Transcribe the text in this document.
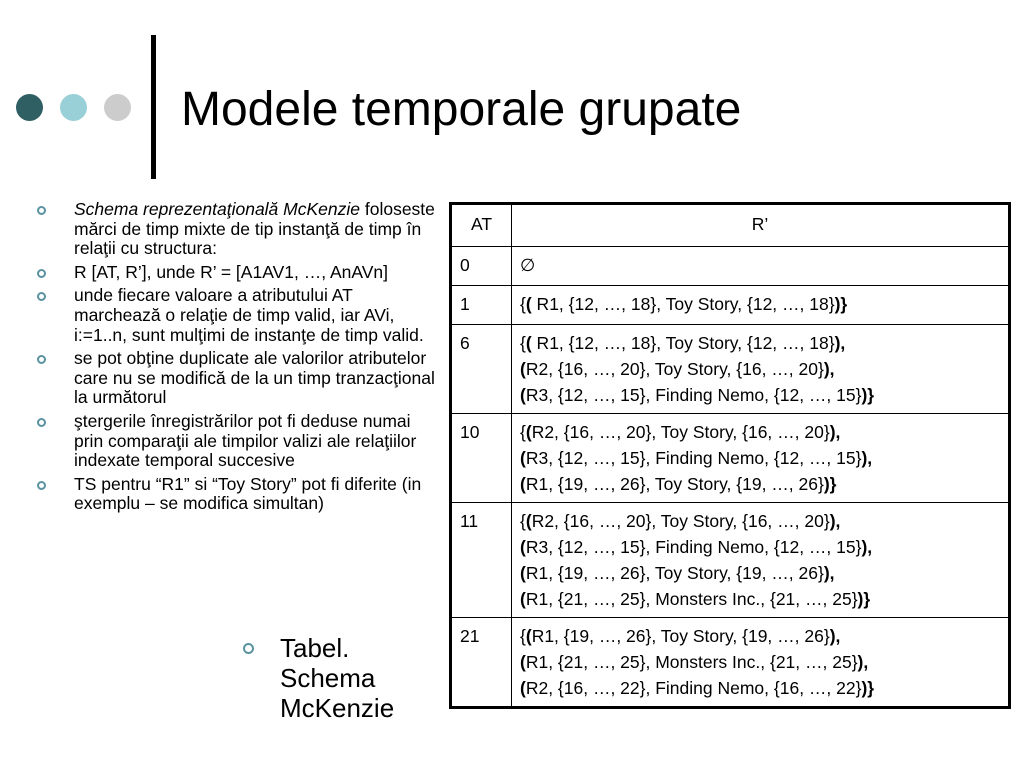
Modele temporale grupate
Schema reprezentaţională McKenzie foloseste mărci de timp mixte de tip instanţă de timp în relaţii cu structura:
R [AT, R’], unde R’ = [A1AV1, …, AnAVn]
unde fiecare valoare a atributului AT marchează o relaţie de timp valid, iar AVi, i:=1..n, sunt mulţimi de instanţe de timp valid.
se pot obţine duplicate ale valorilor atributelor care nu se modifică de la un timp tranzacţional la următorul
ştergerile înregistrărilor pot fi deduse numai prin comparaţii ale timpilor valizi ale relaţiilor indexate temporal succesive
TS pentru “R1” si “Toy Story” pot fi diferite (in exemplu – se modifica simultan)
Tabel. Schema McKenzie
AT	R’
0	∅

1	{( R1, {12, …, 18}, Toy Story, {12, …, 18})}

6	{( R1, {12, …, 18}, Toy Story, {12, …, 18}),
(R2, {16, …, 20}, Toy Story, {16, …, 20}),
(R3, {12, …, 15}, Finding Nemo, {12, …, 15})}

10	{(R2, {16, …, 20}, Toy Story, {16, …, 20}),
(R3, {12, …, 15}, Finding Nemo, {12, …, 15}),
(R1, {19, …, 26}, Toy Story, {19, …, 26})}

11	{(R2, {16, …, 20}, Toy Story, {16, …, 20}),
(R3, {12, …, 15}, Finding Nemo, {12, …, 15}),
(R1, {19, …, 26}, Toy Story, {19, …, 26}),
(R1, {21, …, 25}, Monsters Inc., {21, …, 25})}

21	{(R1, {19, …, 26}, Toy Story, {19, …, 26}),
(R1, {21, …, 25}, Monsters Inc., {21, …, 25}),
(R2, {16, …, 22}, Finding Nemo, {16, …, 22})}
